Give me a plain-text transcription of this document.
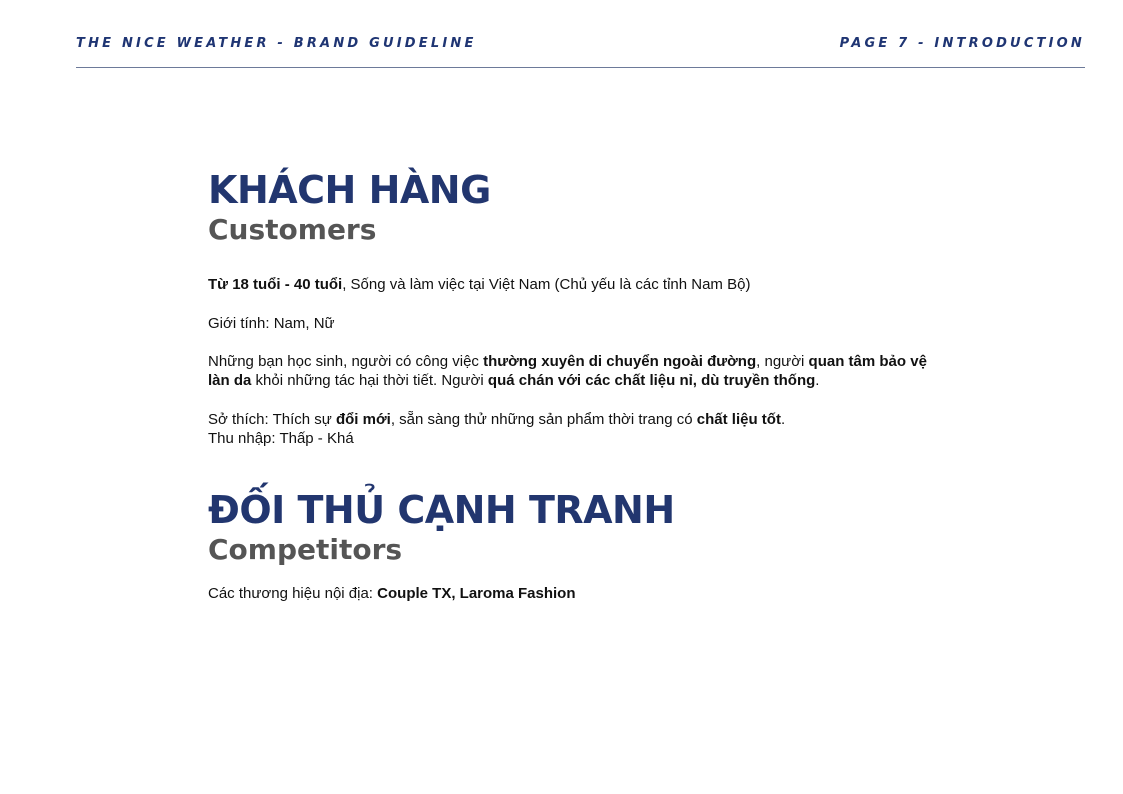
THE NICE WEATHER - BRAND GUIDELINE	PAGE 7 - INTRODUCTION
KHÁCH HÀNG
Customers

Từ 18 tuổi - 40 tuổi, Sống và làm việc tại Việt Nam (Chủ yếu là các tỉnh Nam Bộ)

Giới tính: Nam, Nữ

Những bạn học sinh, người có công việc thường xuyên di chuyển ngoài đường, người quan tâm bảo vệ làn da khỏi những tác hại thời tiết. Người quá chán với các chất liệu nỉ, dù truyền thống.

Sở thích: Thích sự đổi mới, sẵn sàng thử những sản phẩm thời trang có chất liệu tốt.

Thu nhập: Thấp - Khá

ĐỐI THỦ CẠNH TRANH
Competitors

Các thương hiệu nội địa: Couple TX, Laroma Fashion
